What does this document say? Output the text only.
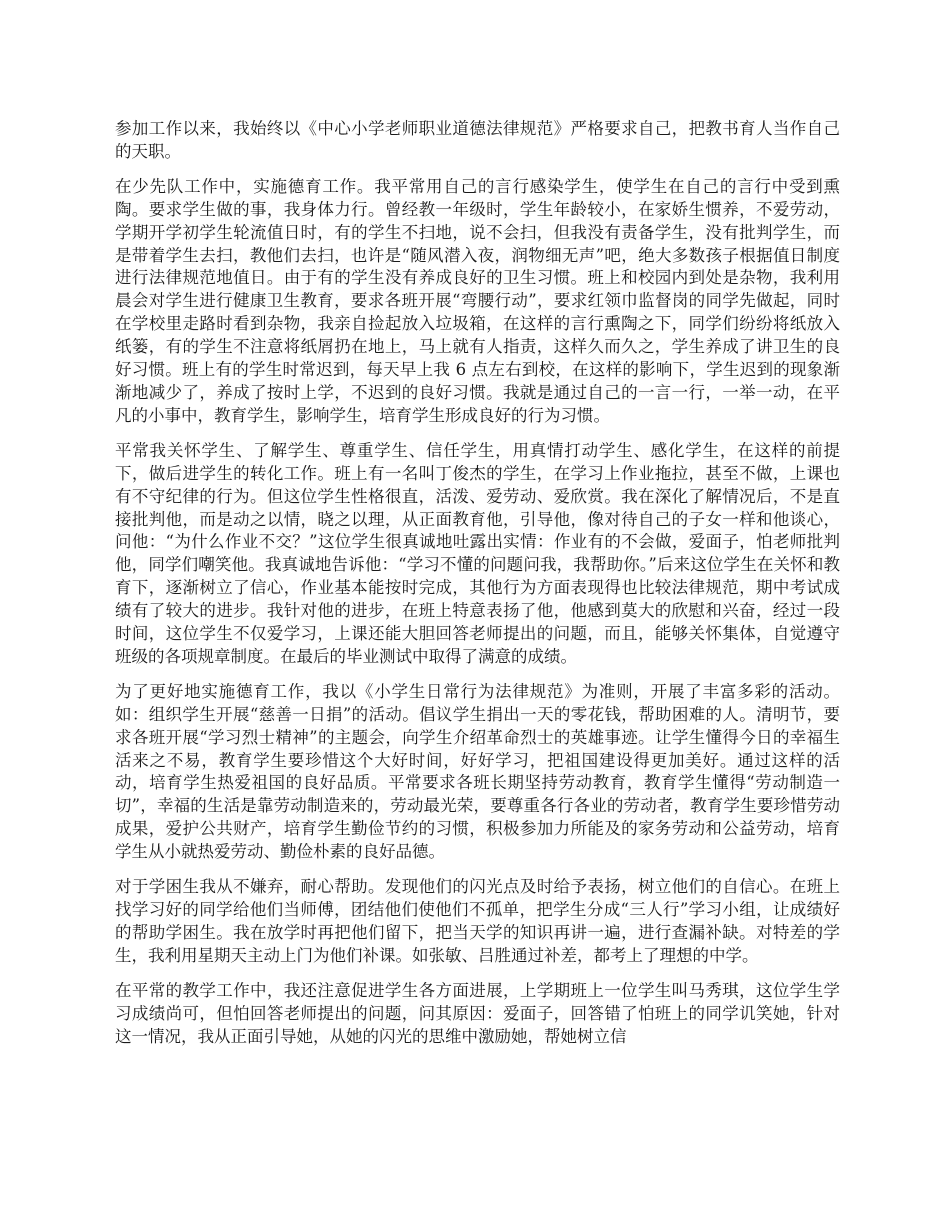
参加工作以来，我始终以《中心小学老师职业道德法律规范》严格要求自己，把教书育人当作自己的天职。

在少先队工作中，实施德育工作。我平常用自己的言行感染学生，使学生在自己的言行中受到熏陶。要求学生做的事，我身体力行。曾经教一年级时，学生年龄较小，在家娇生惯养，不爱劳动，学期开学初学生轮流值日时，有的学生不扫地，说不会扫，但我没有责备学生，没有批判学生，而是带着学生去扫，教他们去扫，也许是“随风潜入夜，润物细无声”吧，绝大多数孩子根据值日制度进行法律规范地值日。由于有的学生没有养成良好的卫生习惯。班上和校园内到处是杂物，我利用晨会对学生进行健康卫生教育，要求各班开展“弯腰行动”，要求红领巾监督岗的同学先做起，同时在学校里走路时看到杂物，我亲自捡起放入垃圾箱，在这样的言行熏陶之下，同学们纷纷将纸放入纸篓，有的学生不注意将纸屑扔在地上，马上就有人指责，这样久而久之，学生养成了讲卫生的良好习惯。班上有的学生时常迟到，每天早上我 6 点左右到校，在这样的影响下，学生迟到的现象渐渐地减少了，养成了按时上学，不迟到的良好习惯。我就是通过自己的一言一行，一举一动，在平凡的小事中，教育学生，影响学生，培育学生形成良好的行为习惯。

平常我关怀学生、了解学生、尊重学生、信任学生，用真情打动学生、感化学生，在这样的前提下，做后进学生的转化工作。班上有一名叫丁俊杰的学生，在学习上作业拖拉，甚至不做，上课也有不守纪律的行为。但这位学生性格很直，活泼、爱劳动、爱欣赏。我在深化了解情况后，不是直接批判他，而是动之以情，晓之以理，从正面教育他，引导他，像对待自己的子女一样和他谈心，问他：“为什么作业不交？”这位学生很真诚地吐露出实情：作业有的不会做，爱面子，怕老师批判他，同学们嘲笑他。我真诚地告诉他：“学习不懂的问题问我，我帮助你。”后来这位学生在关怀和教育下，逐渐树立了信心，作业基本能按时完成，其他行为方面表现得也比较法律规范，期中考试成绩有了较大的进步。我针对他的进步，在班上特意表扬了他，他感到莫大的欣慰和兴奋，经过一段时间，这位学生不仅爱学习，上课还能大胆回答老师提出的问题，而且，能够关怀集体，自觉遵守班级的各项规章制度。在最后的毕业测试中取得了满意的成绩。

为了更好地实施德育工作，我以《小学生日常行为法律规范》为准则，开展了丰富多彩的活动。如：组织学生开展“慈善一日捐”的活动。倡议学生捐出一天的零花钱，帮助困难的人。清明节，要求各班开展“学习烈士精神”的主题会，向学生介绍革命烈士的英雄事迹。让学生懂得今日的幸福生活来之不易，教育学生要珍惜这个大好时间，好好学习，把祖国建设得更加美好。通过这样的活动，培育学生热爱祖国的良好品质。平常要求各班长期坚持劳动教育，教育学生懂得“劳动制造一切”，幸福的生活是靠劳动制造来的，劳动最光荣，要尊重各行各业的劳动者，教育学生要珍惜劳动成果，爱护公共财产，培育学生勤俭节约的习惯，积极参加力所能及的家务劳动和公益劳动，培育学生从小就热爱劳动、勤俭朴素的良好品德。

对于学困生我从不嫌弃，耐心帮助。发现他们的闪光点及时给予表扬，树立他们的自信心。在班上找学习好的同学给他们当师傅，团结他们使他们不孤单，把学生分成“三人行”学习小组，让成绩好的帮助学困生。我在放学时再把他们留下，把当天学的知识再讲一遍，进行查漏补缺。对特差的学生，我利用星期天主动上门为他们补课。如张敏、吕胜通过补差，都考上了理想的中学。

在平常的教学工作中，我还注意促进学生各方面进展，上学期班上一位学生叫马秀琪，这位学生学习成绩尚可，但怕回答老师提出的问题，问其原因：爱面子，回答错了怕班上的同学讥笑她，针对这一情况，我从正面引导她，从她的闪光的思维中激励她，帮她树立信
